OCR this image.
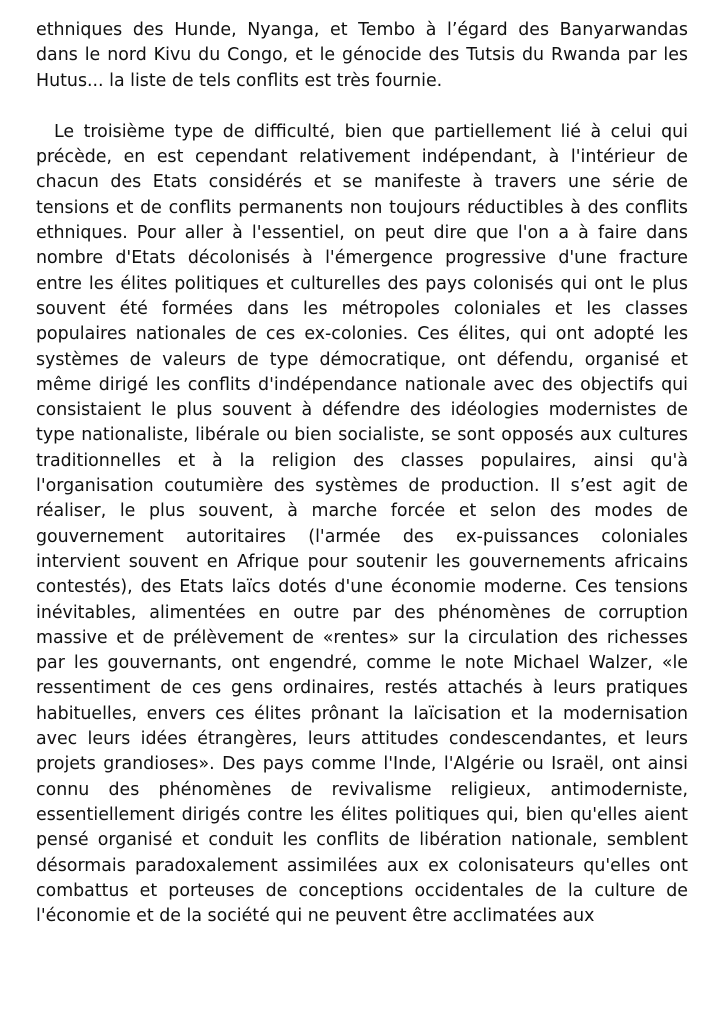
ethniques des Hunde, Nyanga, et Tembo à l’égard des Banyarwandas dans le nord Kivu du Congo, et le génocide des Tutsis du Rwanda par les Hutus... la liste de tels conflits est très fournie.

Le troisième type de difficulté, bien que partiellement lié à celui qui précède, en est cependant relativement indépendant, à l'intérieur de chacun des Etats considérés et se manifeste à travers une série de tensions et de conflits permanents non toujours réductibles à des conflits ethniques. Pour aller à l'essentiel, on peut dire que l'on a à faire dans nombre d'Etats décolonisés à l'émergence progressive d'une fracture entre les élites politiques et culturelles des pays colonisés qui ont le plus souvent été formées dans les métropoles coloniales et les classes populaires nationales de ces ex-colonies. Ces élites, qui ont adopté les systèmes de valeurs de type démocratique, ont défendu, organisé et même dirigé les conflits d'indépendance nationale avec des objectifs qui consistaient le plus souvent à défendre des idéologies modernistes de type nationaliste, libérale ou bien socialiste, se sont opposés aux cultures traditionnelles et à la religion des classes populaires, ainsi qu'à l'organisation coutumière des systèmes de production. Il s’est agit de réaliser, le plus souvent, à marche forcée et selon des modes de gouvernement autoritaires (l'armée des ex-puissances coloniales intervient souvent en Afrique pour soutenir les gouvernements africains contestés), des Etats laïcs dotés d'une économie moderne. Ces tensions inévitables, alimentées en outre par des phénomènes de corruption massive et de prélèvement de «rentes» sur la circulation des richesses par les gouvernants, ont engendré, comme le note Michael Walzer, «le ressentiment de ces gens ordinaires, restés attachés à leurs pratiques habituelles, envers ces élites prônant la laïcisation et la modernisation avec leurs idées étrangères, leurs attitudes condescendantes, et leurs projets grandioses». Des pays comme l'Inde, l'Algérie ou Israël, ont ainsi connu des phénomènes de revivalisme religieux, antimoderniste, essentiellement dirigés contre les élites politiques qui, bien qu'elles aient pensé organisé et conduit les conflits de libération nationale, semblent désormais paradoxalement assimilées aux ex colonisateurs qu'elles ont combattus et porteuses de conceptions occidentales de la culture de l'économie et de la société qui ne peuvent être acclimatées aux
